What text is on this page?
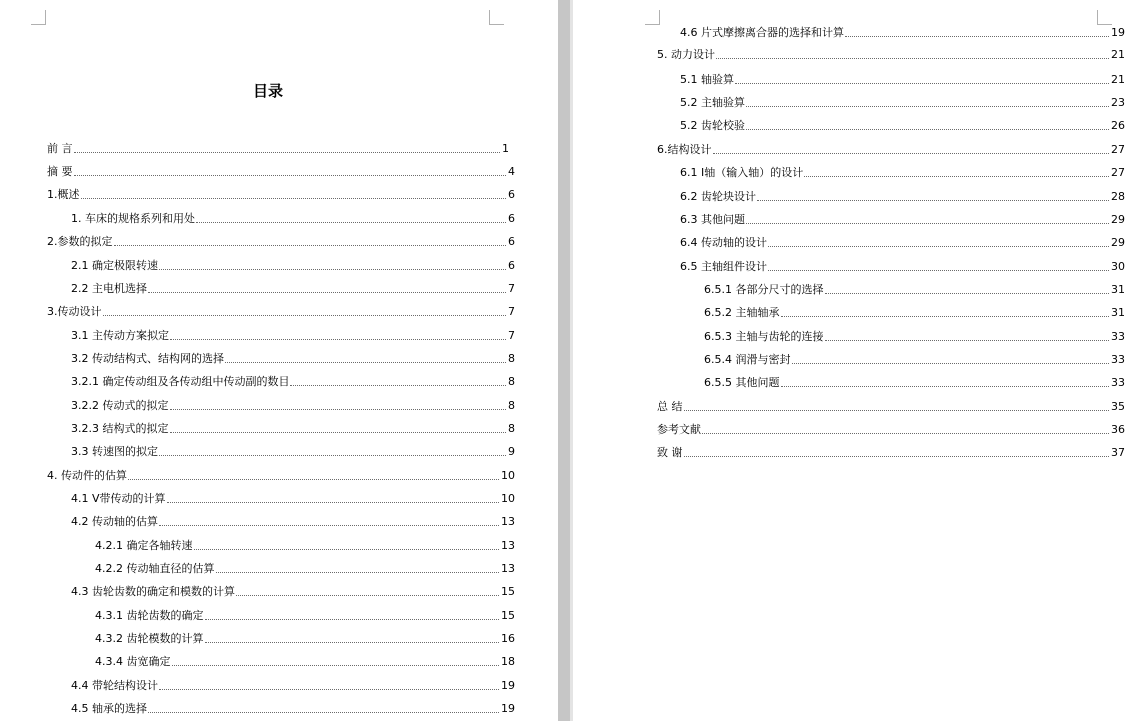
目录
前 言	1
摘 要	4
1.概述	6
1. 车床的规格系列和用处	6
2.参数的拟定	6
2.1 确定极限转速	6
2.2 主电机选择	7
3.传动设计	7
3.1 主传动方案拟定	7
3.2 传动结构式、结构网的选择	8
3.2.1 确定传动组及各传动组中传动副的数目	8
3.2.2 传动式的拟定	8
3.2.3 结构式的拟定	8
3.3 转速图的拟定	9
4. 传动件的估算	10
4.1 V带传动的计算	10
4.2 传动轴的估算	13
4.2.1 确定各轴转速	13
4.2.2 传动轴直径的估算	13
4.3 齿轮齿数的确定和模数的计算	15
4.3.1 齿轮齿数的确定	15
4.3.2 齿轮模数的计算	16
4.3.4 齿宽确定	18
4.4 带轮结构设计	19
4.5 轴承的选择	19
4.6 片式摩擦离合器的选择和计算	19
5. 动力设计	21
5.1 轴验算	21
5.2 主轴验算	23
5.2 齿轮校验	26
6.结构设计	27
6.1 I轴（输入轴）的设计	27
6.2 齿轮块设计	28
6.3 其他问题	29
6.4 传动轴的设计	29
6.5 主轴组件设计	30
6.5.1 各部分尺寸的选择	31
6.5.2 主轴轴承	31
6.5.3 主轴与齿轮的连接	33
6.5.4 润滑与密封	33
6.5.5 其他问题	33
总 结	35
参考文献	36
致 谢	37
